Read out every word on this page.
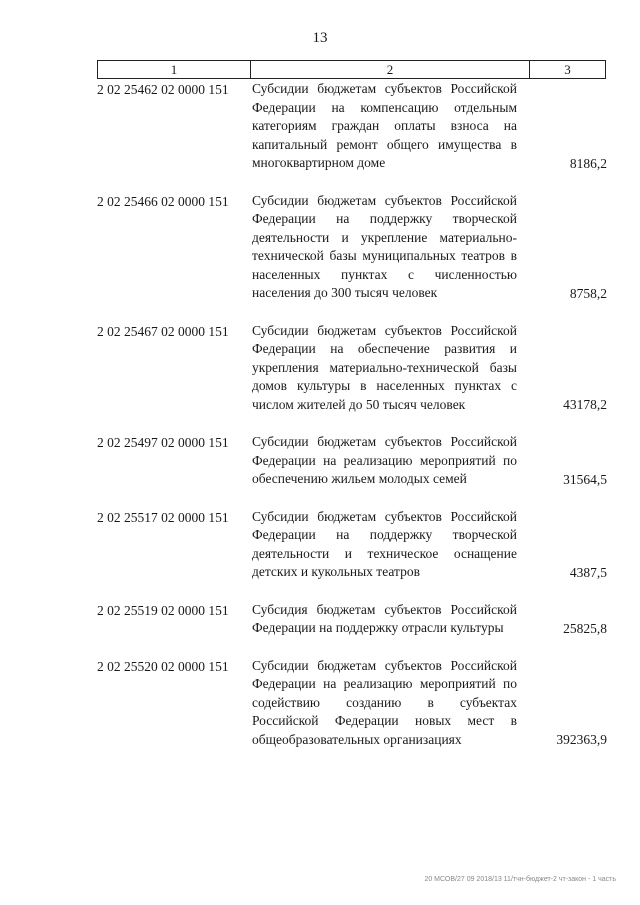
13
1	2	3
2 02 25462 02 0000 151 Субсидии бюджетам субъектов Российской Федерации на компенсацию отдельным категориям граждан оплаты взноса на капитальный ремонт общего имущества в многоквартирном доме	8186,2
2 02 25466 02 0000 151 Субсидии бюджетам субъектов Российской Федерации на поддержку творческой деятельности и укрепление материально-технической базы муниципальных театров в населенных пунктах с численностью населения до 300 тысяч человек	8758,2
2 02 25467 02 0000 151 Субсидии бюджетам субъектов Российской Федерации на обеспечение развития и укрепления материально-технической базы домов культуры в населенных пунктах с числом жителей до 50 тысяч человек	43178,2
2 02 25497 02 0000 151 Субсидии бюджетам субъектов Российской Федерации на реализацию мероприятий по обеспечению жильем молодых семей	31564,5
2 02 25517 02 0000 151 Субсидии бюджетам субъектов Российской Федерации на поддержку творческой деятельности и техническое оснащение детских и кукольных театров	4387,5
2 02 25519 02 0000 151 Субсидия бюджетам субъектов Российской Федерации на поддержку отрасли культуры	25825,8
2 02 25520 02 0000 151 Субсидии бюджетам субъектов Российской Федерации на реализацию мероприятий по содействию созданию в субъектах Российской Федерации новых мест в общеобразовательных организациях	392363,9
20 МСОВ/27 09 2018/13 11/тчн-бюджет-2 чт-закон - 1 часть
